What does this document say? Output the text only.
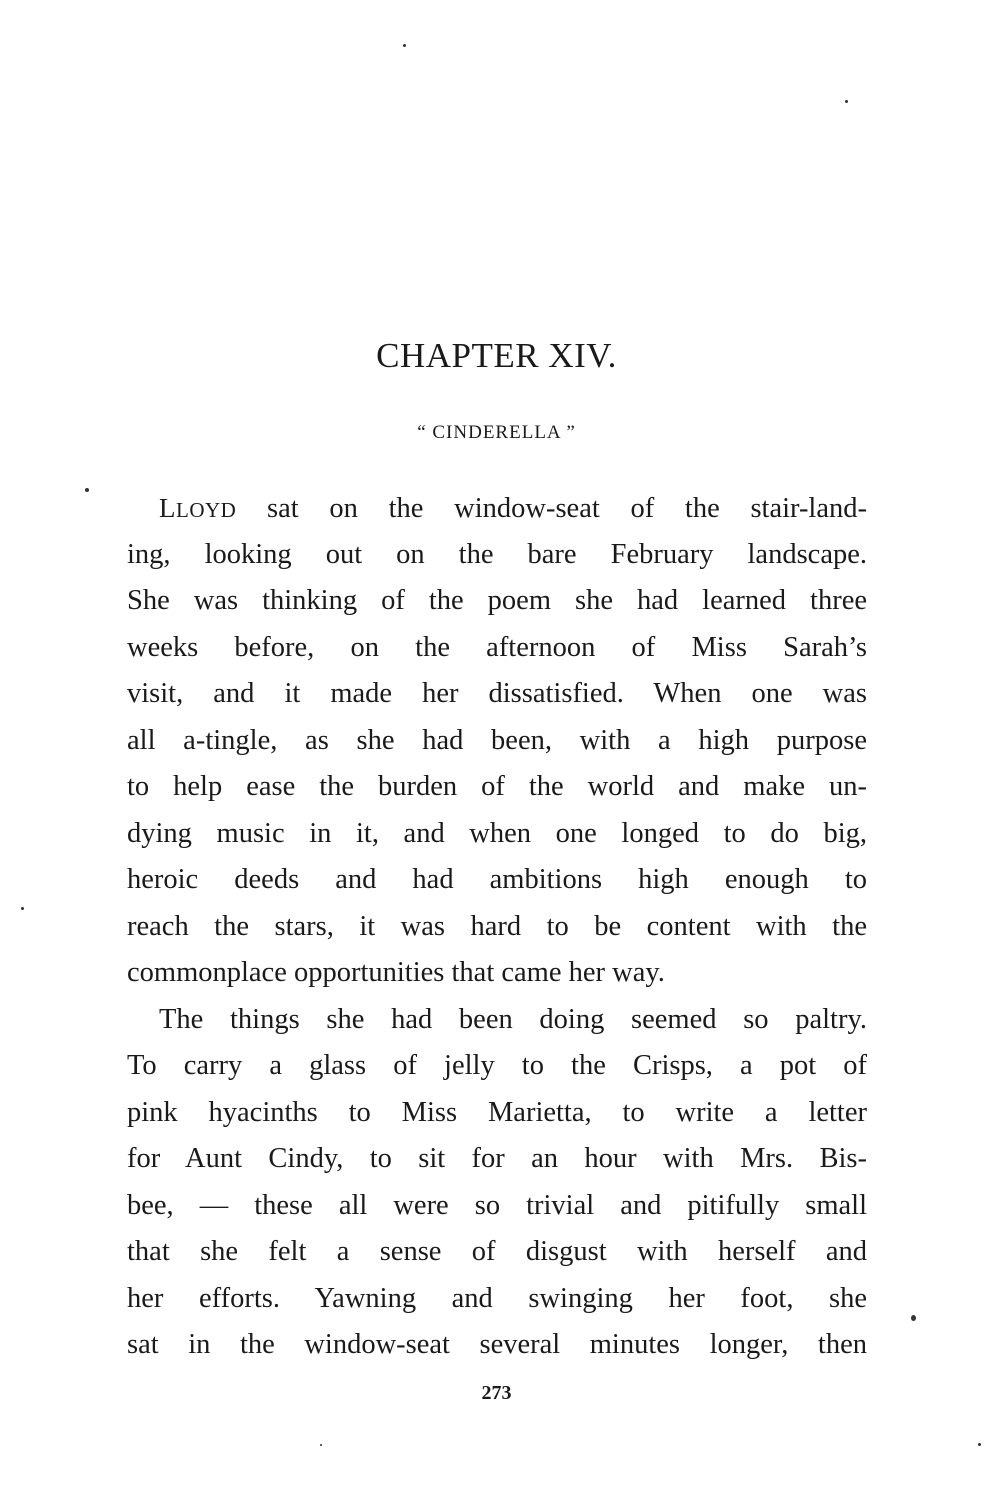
CHAPTER XIV.
“ CINDERELLA ”
LLOYD sat on the window-seat of the stair-land-
ing, looking out on the bare February landscape.
She was thinking of the poem she had learned three
weeks before, on the afternoon of Miss Sarah’s
visit, and it made her dissatisfied. When one was
all a-tingle, as she had been, with a high purpose
to help ease the burden of the world and make un-
dying music in it, and when one longed to do big,
heroic deeds and had ambitions high enough to
reach the stars, it was hard to be content with the
commonplace opportunities that came her way.
The things she had been doing seemed so paltry.
To carry a glass of jelly to the Crisps, a pot of
pink hyacinths to Miss Marietta, to write a letter
for Aunt Cindy, to sit for an hour with Mrs. Bis-
bee, — these all were so trivial and pitifully small
that she felt a sense of disgust with herself and
her efforts. Yawning and swinging her foot, she
sat in the window-seat several minutes longer, then
273
